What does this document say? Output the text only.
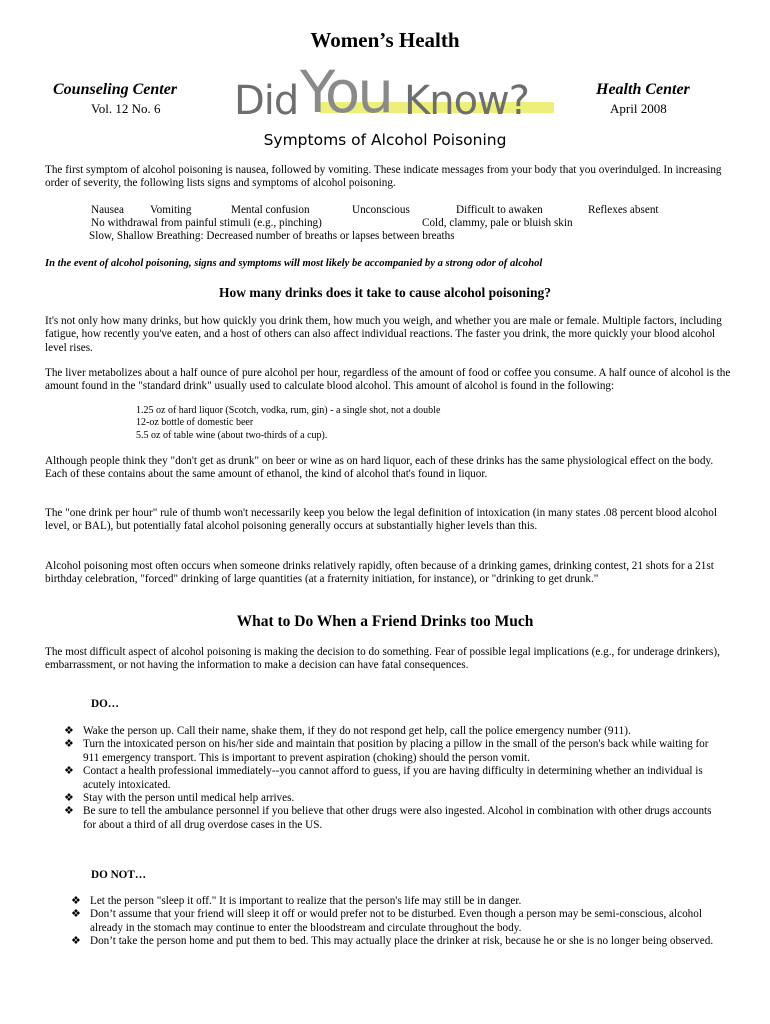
Women’s Health
Counseling Center
Vol. 12 No. 6
Health Center
April 2008
Did You Know?
Symptoms of Alcohol Poisoning

The first symptom of alcohol poisoning is nausea, followed by vomiting. These indicate messages from your body that you overindulged. In increasing order of severity, the following lists signs and symptoms of alcohol poisoning.

Nausea Vomiting	Mental confusion	Unconscious	Difficult to awaken	Reflexes absent
No withdrawal from painful stimuli (e.g., pinching)	Cold, clammy, pale or bluish skin
Slow, Shallow Breathing: Decreased number of breaths or lapses between breaths
In the event of alcohol poisoning, signs and symptoms will most likely be accompanied by a strong odor of alcohol
How many drinks does it take to cause alcohol poisoning?

It's not only how many drinks, but how quickly you drink them, how much you weigh, and whether you are male or female. Multiple factors, including fatigue, how recently you've eaten, and a host of others can also affect individual reactions. The faster you drink, the more quickly your blood alcohol level rises.

The liver metabolizes about a half ounce of pure alcohol per hour, regardless of the amount of food or coffee you consume. A half ounce of alcohol is the amount found in the "standard drink" usually used to calculate blood alcohol. This amount of alcohol is found in the following:

1.25 oz of hard liquor (Scotch, vodka, rum, gin) - a single shot, not a double
12-oz bottle of domestic beer
5.5 oz of table wine (about two-thirds of a cup).

Although people think they "don't get as drunk" on beer or wine as on hard liquor, each of these drinks has the same physiological effect on the body. Each of these contains about the same amount of ethanol, the kind of alcohol that's found in liquor.

The "one drink per hour" rule of thumb won't necessarily keep you below the legal definition of intoxication (in many states .08 percent blood alcohol level, or BAL), but potentially fatal alcohol poisoning generally occurs at substantially higher levels than this.

Alcohol poisoning most often occurs when someone drinks relatively rapidly, often because of a drinking games, drinking contest, 21 shots for a 21st birthday celebration, "forced" drinking of large quantities (at a fraternity initiation, for instance), or "drinking to get drunk."

What to Do When a Friend Drinks too Much

The most difficult aspect of alcohol poisoning is making the decision to do something. Fear of possible legal implications (e.g., for underage drinkers), embarrassment, or not having the information to make a decision can have fatal consequences.

DO…
❖ Wake the person up. Call their name, shake them, if they do not respond get help, call the police emergency number (911).
❖ Turn the intoxicated person on his/her side and maintain that position by placing a pillow in the small of the person's back while waiting for 911 emergency transport. This is important to prevent aspiration (choking) should the person vomit.
❖ Contact a health professional immediately--you cannot afford to guess, if you are having difficulty in determining whether an individual is acutely intoxicated.
❖ Stay with the person until medical help arrives.
❖ Be sure to tell the ambulance personnel if you believe that other drugs were also ingested. Alcohol in combination with other drugs accounts for about a third of all drug overdose cases in the US.
DO NOT…
❖ Let the person "sleep it off." It is important to realize that the person's life may still be in danger.
❖ Don’t assume that your friend will sleep it off or would prefer not to be disturbed. Even though a person may be semi-conscious, alcohol already in the stomach may continue to enter the bloodstream and circulate throughout the body.
❖ Don’t take the person home and put them to bed. This may actually place the drinker at risk, because he or she is no longer being observed.
